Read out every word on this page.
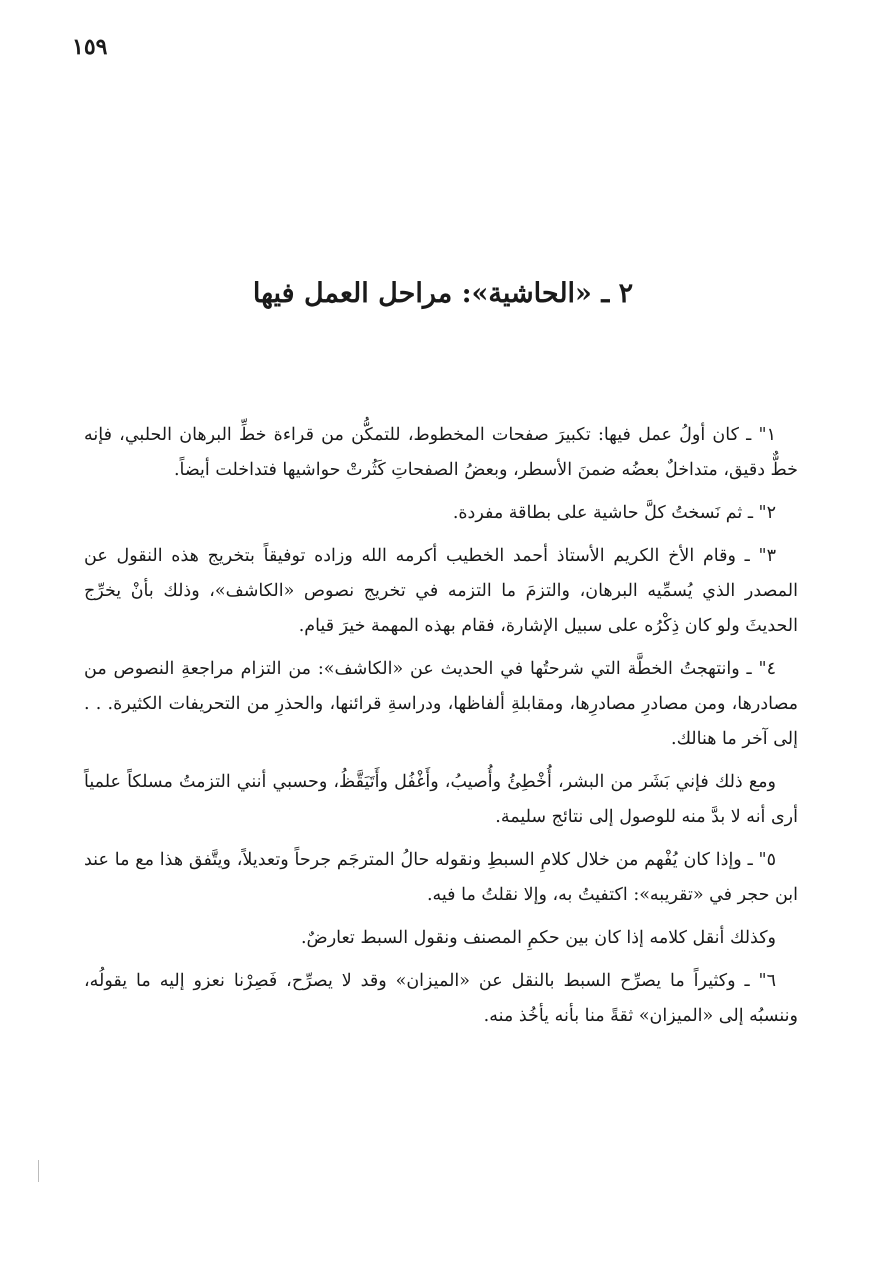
١٥٩
٢ ـ «الحاشية»: مراحل العمل فيها

١" ـ كان أولُ عمل فيها: تكبيرَ صفحات المخطوط، للتمكُّن من قراءة خطِّ البرهان الحلبي، فإنه خطٌّ دقيق، متداخلٌ بعضُه ضمنَ الأسطر، وبعضُ الصفحاتِ كَثُرتْ حواشيها فتداخلت أيضاً.

٢" ـ ثم نَسختُ كلَّ حاشية على بطاقة مفردة.

٣" ـ وقام الأخ الكريم الأستاذ أحمد الخطيب أكرمه الله وزاده توفيقاً بتخريج هذه النقول عن المصدر الذي يُسمِّيه البرهان، والتزمَ ما التزمه في تخريج نصوص «الكاشف»، وذلك بأنْ يخرِّج الحديثَ ولو كان ذِكْرُه على سبيل الإشارة، فقام بهذه المهمة خيرَ قيام.

٤" ـ وانتهجتُ الخطَّة التي شرحتُها في الحديث عن «الكاشف»: من التزام مراجعةِ النصوص من مصادرها، ومن مصادرِ مصادرِها، ومقابلةِ ألفاظها، ودراسةِ قرائنها، والحذرِ من التحريفات الكثيرة. . . إلى آخر ما هنالك.

ومع ذلك فإني بَشَر من البشر، أُخْطِئُ وأُصيبُ، وأَغْفُل وأَتَيَقَّظُ، وحسبي أنني التزمتُ مسلكاً علمياً أرى أنه لا بدَّ منه للوصول إلى نتائج سليمة.

٥" ـ وإذا كان يُفْهم من خلال كلامِ السبطِ ونقوله حالُ المترجَم جرحاً وتعديلاً، ويتَّفق هذا مع ما عند ابن حجر في «تقريبه»: اكتفيتُ به، وإلا نقلتُ ما فيه.

وكذلك أنقل كلامه إذا كان بين حكمِ المصنف ونقول السبط تعارضٌ.

٦" ـ وكثيراً ما يصرِّح السبط بالنقل عن «الميزان» وقد لا يصرِّح، فَصِرْنا نعزو إليه ما يقولُه، وننسبُه إلى «الميزان» ثقةً منا بأنه يأخُذ منه.
